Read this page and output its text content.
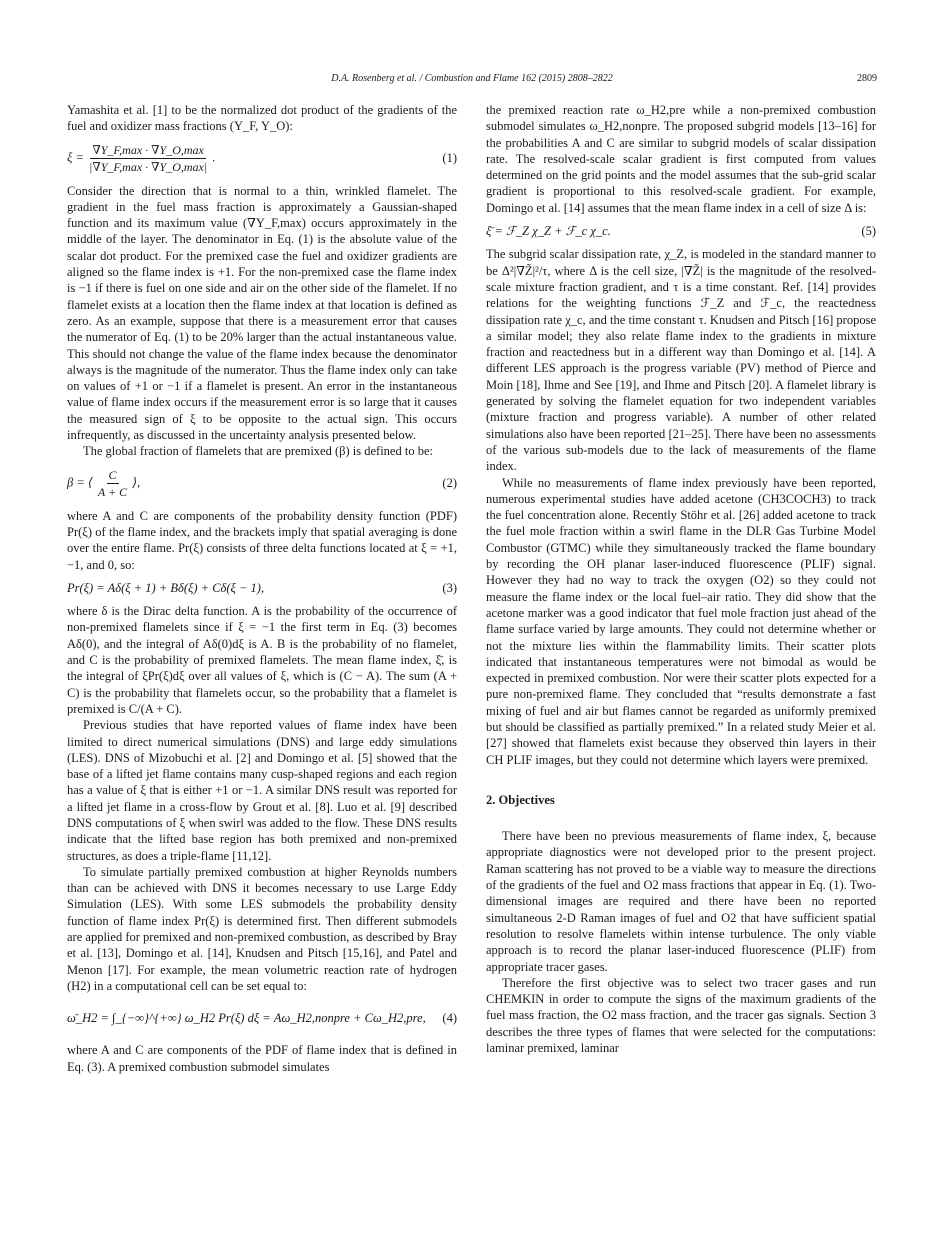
D.A. Rosenberg et al. / Combustion and Flame 162 (2015) 2808–2822	2809

Yamashita et al. [1] to be the normalized dot product of the gradients of the fuel and oxidizer mass fractions (Y_F, Y_O):

$\xi = \frac{\nabla Y\_F,\max \cdot \nabla Y\_O,\max}{|\nabla Y\_F,\max \cdot \nabla Y\_O,\max|}$ .	(1)

Consider the direction that is normal to a thin, wrinkled flamelet. The gradient in the fuel mass fraction is approximately a Gaussian-shaped function and its maximum value (∇Y_F,max) occurs approximately in the middle of the layer. The denominator in Eq. (1) is the absolute value of the scalar dot product. For the premixed case the fuel and oxidizer gradients are aligned so the flame index is +1. For the non-premixed case the flame index is −1 if there is fuel on one side and air on the other side of the flamelet. If no flamelet exists at a location then the flame index at that location is defined as zero. As an example, suppose that there is a measurement error that causes the numerator of Eq. (1) to be 20% larger than the actual instantaneous value. This should not change the value of the flame index because the denominator always is the magnitude of the numerator. Thus the flame index only can take on values of +1 or −1 if a flamelet is present. An error in the instantaneous value of flame index occurs if the measurement error is so large that it causes the measured sign of ξ to be opposite to the actual sign. This occurs infrequently, as discussed in the uncertainty analysis presented below.

The global fraction of flamelets that are premixed (β) is defined to be:

β = ⟨ $\frac{C}{A + C}$ ⟩,	(2)

where A and C are components of the probability density function (PDF) Pr(ξ) of the flame index, and the brackets imply that spatial averaging is done over the entire flame. Pr(ξ) consists of three delta functions located at ξ = +1, −1, and 0, so:

Pr(ξ) = Aδ(ξ + 1) + Bδ(ξ) + Cδ(ξ − 1),	(3)

where δ is the Dirac delta function. A is the probability of the occurrence of non-premixed flamelets since if ξ = −1 the first term in Eq. (3) becomes Aδ(0), and the integral of Aδ(0)dξ is A. B is the probability of no flamelet, and C is the probability of premixed flamelets. The mean flame index, ξ̄, is the integral of ξPr(ξ)dξ over all values of ξ, which is (C − A). The sum (A + C) is the probability that flamelets occur, so the probability that a flamelet is premixed is C/(A + C).

Previous studies that have reported values of flame index have been limited to direct numerical simulations (DNS) and large eddy simulations (LES). DNS of Mizobuchi et al. [2] and Domingo et al. [5] showed that the base of a lifted jet flame contains many cusp-shaped regions and each region has a value of ξ that is either +1 or −1. A similar DNS result was reported for a lifted jet flame in a cross-flow by Grout et al. [8]. Luo et al. [9] described DNS computations of ξ when swirl was added to the flow. These DNS results indicate that the lifted base region has both premixed and non-premixed structures, as does a triple-flame [11,12].

To simulate partially premixed combustion at higher Reynolds numbers than can be achieved with DNS it becomes necessary to use Large Eddy Simulation (LES). With some LES submodels the probability density function of flame index Pr(ξ) is determined first. Then different submodels are applied for premixed and non-premixed combustion, as described by Bray et al. [13], Domingo et al. [14], Knudsen and Pitsch [15,16], and Patel and Menon [17]. For example, the mean volumetric reaction rate of hydrogen (H2) in a computational cell can be set equal to:

ω̄_H2 = ∫_{−∞}^{+∞} ω_H2 Pr(ξ) dξ = Aω_H2,nonpre + Cω_H2,pre, (4)

where A and C are components of the PDF of flame index that is defined in Eq. (3). A premixed combustion submodel simulates

the premixed reaction rate ω_H2,pre while a non-premixed combustion submodel simulates ω_H2,nonpre. The proposed subgrid models [13–16] for the probabilities A and C are similar to subgrid models of scalar dissipation rate. The resolved-scale scalar gradient is first computed from values determined on the grid points and the model assumes that the sub-grid scalar gradient is proportional to this resolved-scale gradient. For example, Domingo et al. [14] assumes that the mean flame index in a cell of size Δ is:

ξ̄ = ℱ_Z χ_Z + ℱ_c χ_c.	(5)

The subgrid scalar dissipation rate, χ_Z, is modeled in the standard manner to be Δ²|∇Z̃|²/τ, where Δ is the cell size, |∇Z̃| is the magnitude of the resolved-scale mixture fraction gradient, and τ is a time constant. Ref. [14] provides relations for the weighting functions ℱ_Z and ℱ_c, the reactedness dissipation rate χ_c, and the time constant τ. Knudsen and Pitsch [16] propose a similar model; they also relate flame index to the gradients in mixture fraction and reactedness but in a different way than Domingo et al. [14]. A different LES approach is the progress variable (PV) method of Pierce and Moin [18], Ihme and See [19], and Ihme and Pitsch [20]. A flamelet library is generated by solving the flamelet equation for two independent variables (mixture fraction and progress variable). A number of other related simulations also have been reported [21–25]. There have been no assessments of the various sub-models due to the lack of measurements of the flame index.

While no measurements of flame index previously have been reported, numerous experimental studies have added acetone (CH3COCH3) to track the fuel concentration alone. Recently Stöhr et al. [26] added acetone to track the fuel mole fraction within a swirl flame in the DLR Gas Turbine Model Combustor (GTMC) while they simultaneously tracked the flame boundary by recording the OH planar laser-induced fluorescence (PLIF) signal. However they had no way to track the oxygen (O2) so they could not measure the flame index or the local fuel–air ratio. They did show that the acetone marker was a good indicator that fuel mole fraction just ahead of the flame surface varied by large amounts. They could not determine whether or not the mixture lies within the flammability limits. Their scatter plots indicated that instantaneous temperatures were not bimodal as would be expected in premixed combustion. Nor were their scatter plots expected for a pure non-premixed flame. They concluded that “results demonstrate a fast mixing of fuel and air but flames cannot be regarded as uniformly premixed but should be classified as partially premixed.” In a related study Meier et al. [27] showed that flamelets exist because they observed thin layers in their CH PLIF images, but they could not determine which layers were premixed.

2. Objectives

There have been no previous measurements of flame index, ξ, because appropriate diagnostics were not developed prior to the present project. Raman scattering has not proved to be a viable way to measure the directions of the gradients of the fuel and O2 mass fractions that appear in Eq. (1). Two-dimensional images are required and there have been no reported simultaneous 2-D Raman images of fuel and O2 that have sufficient spatial resolution to resolve flamelets within intense turbulence. The only viable approach is to record the planar laser-induced fluorescence (PLIF) from appropriate tracer gases.

Therefore the first objective was to select two tracer gases and run CHEMKIN in order to compute the signs of the maximum gradients of the fuel mass fraction, the O2 mass fraction, and the tracer gas signals. Section 3 describes the three types of flames that were selected for the computations: laminar premixed, laminar
